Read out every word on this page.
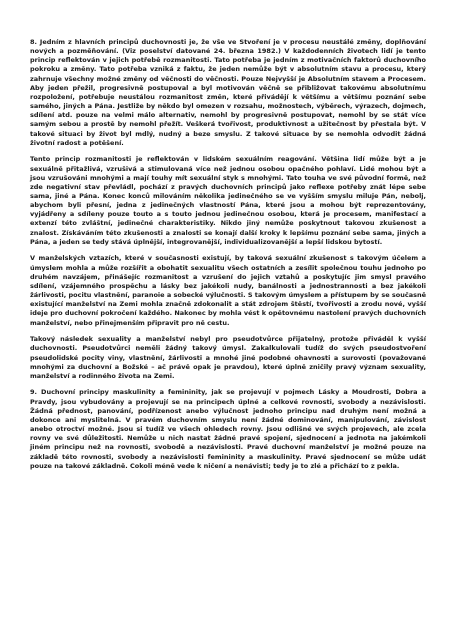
8. Jedním z hlavních principů duchovnosti je, že vše ve Stvoření je v procesu neustálé změny, doplňování nových a pozměňování. (Viz poselství datované 24. března 1982.) V každodenních životech lidí je tento princip reflektován v jejich potřebě rozmanitosti. Tato potřeba je jedním z motivačních faktorů duchovního pokroku a změny. Tato potřeba vzniká z faktu, že jeden nemůže být v absolutním stavu a procesu, který zahrnuje všechny možné změny od věčnosti do věčnosti. Pouze Nejvyšší je Absolutním stavem a Procesem. Aby jeden přežil, progresivně postupoval a byl motivován věčně se přibližovat takovému absolutnímu rozpoložení, potřebuje neustálou rozmanitost změn, které přivádějí k většímu a většímu poznání sebe samého, jiných a Pána. Jestliže by někdo byl omezen v rozsahu, možnostech, výběrech, výrazech, dojmech, sdílení atd. pouze na velmi málo alternativ, nemohl by progresivně postupovat, nemohl by se stát více samým sebou a prostě by nemohl přežít. Veškerá tvořivost, produktivnost a užitečnost by přestala být. V takové situaci by život byl mdlý, nudný a beze smyslu. Z takové situace by se nemohla odvodit žádná životní radost a potěšení.

Tento princip rozmanitosti je reflektován v lidském sexuálním reagování. Většina lidí může být a je sexuálně přitažlivá, vzrušivá a stimulovaná více než jednou osobou opačného pohlaví. Lidé mohou být a jsou vzrušováni mnohými a mají touhy mít sexuální styk s mnohými. Tato touha ve své původní formě, než zde negativní stav převládl, pochází z pravých duchovních principů jako reflexe potřeby znát lépe sebe sama, jiné a Pána. Konec konců milováním několika jedinečného se ve vyšším smyslu miluje Pán, nebolj, abychom byli přesní, jedna z jedinečných vlastností Pána, které jsou a mohou být reprezentovány, vyjádřeny a sdíleny pouze touto a s touto jednou jedinečnou osobou, která je procesem, manifestací a extenzí této zvláštní, jedinečné charakteristiky. Nikdo jiný nemůže poskytnout takovou zkušenost a znalost. Získáváním této zkušenosti a znalosti se konají další kroky k lepšímu poznání sebe sama, jiných a Pána, a jeden se tedy stává úplnější, integrovanější, individualizovanější a lepší lidskou bytostí.

V manželských vztazích, které v současnosti existují, by taková sexuální zkušenost s takovým účelem a úmyslem mohla a může rozšířit a obohatit sexualitu všech ostatních a zesílit společnou touhu jednoho po druhém navzájem, přinášejíc rozmanitost a vzrušení do jejich vztahů a poskytujíc jim smysl pravého sdílení, vzájemného prospěchu a lásky bez jakékoli nudy, banálnosti a jednostrannosti a bez jakékoli žárlivosti, pocitu vlastnění, paranoie a sobecké výlučnosti. S takovým úmyslem a přístupem by se současně existující manželství na Zemi mohla značně zdokonalit a stát zdrojem štěstí, tvořivosti a zrodu nové, vyšší ideje pro duchovní pokročení každého. Nakonec by mohla vést k opětovnému nastolení pravých duchovních manželství, nebo přinejmenším připravit pro ně cestu.

Takový následek sexuality a manželství nebyl pro pseudotvůrce přijatelný, protože přiváděl k vyšší duchovnosti. Pseudotvůrci neměli žádný takový úmysl. Zakalkulovali tudíž do svých pseudostvoření pseudolidské pocity viny, vlastnění, žárlivosti a mnohé jiné podobné ohavnosti a surovosti (považované mnohými za duchovní a Božské – ač právě opak je pravdou), které úplně zničily pravý význam sexuality, manželství a rodinného života na Zemi.

9. Duchovní principy maskulinity a femininity, jak se projevují v pojmech Lásky a Moudrosti, Dobra a Pravdy, jsou vybudovány a projevují se na principech úplné a celkové rovnosti, svobody a nezávislosti. Žádná přednost, panování, podřízenost anebo výlučnost jednoho principu nad druhým není možná a dokonce ani myslitelná. V pravém duchovním smyslu není žádné dominování, manipulování, závislost anebo otroctví možné. Jsou si tudíž ve všech ohledech rovny. Jsou odlišné ve svých projevech, ale zcela rovny ve své důležitosti. Nemůže u nich nastat žádné pravé spojení, sjednocení a jednota na jakémkoli jiném principu než na rovnosti, svobodě a nezávislosti. Pravé duchovní manželství je možné pouze na základě této rovnosti, svobody a nezávislosti femininity a maskulinity. Pravé sjednocení se může udát pouze na takové základně. Cokoli méně vede k ničení a nenávisti; tedy je to zlé a přichází to z pekla.
